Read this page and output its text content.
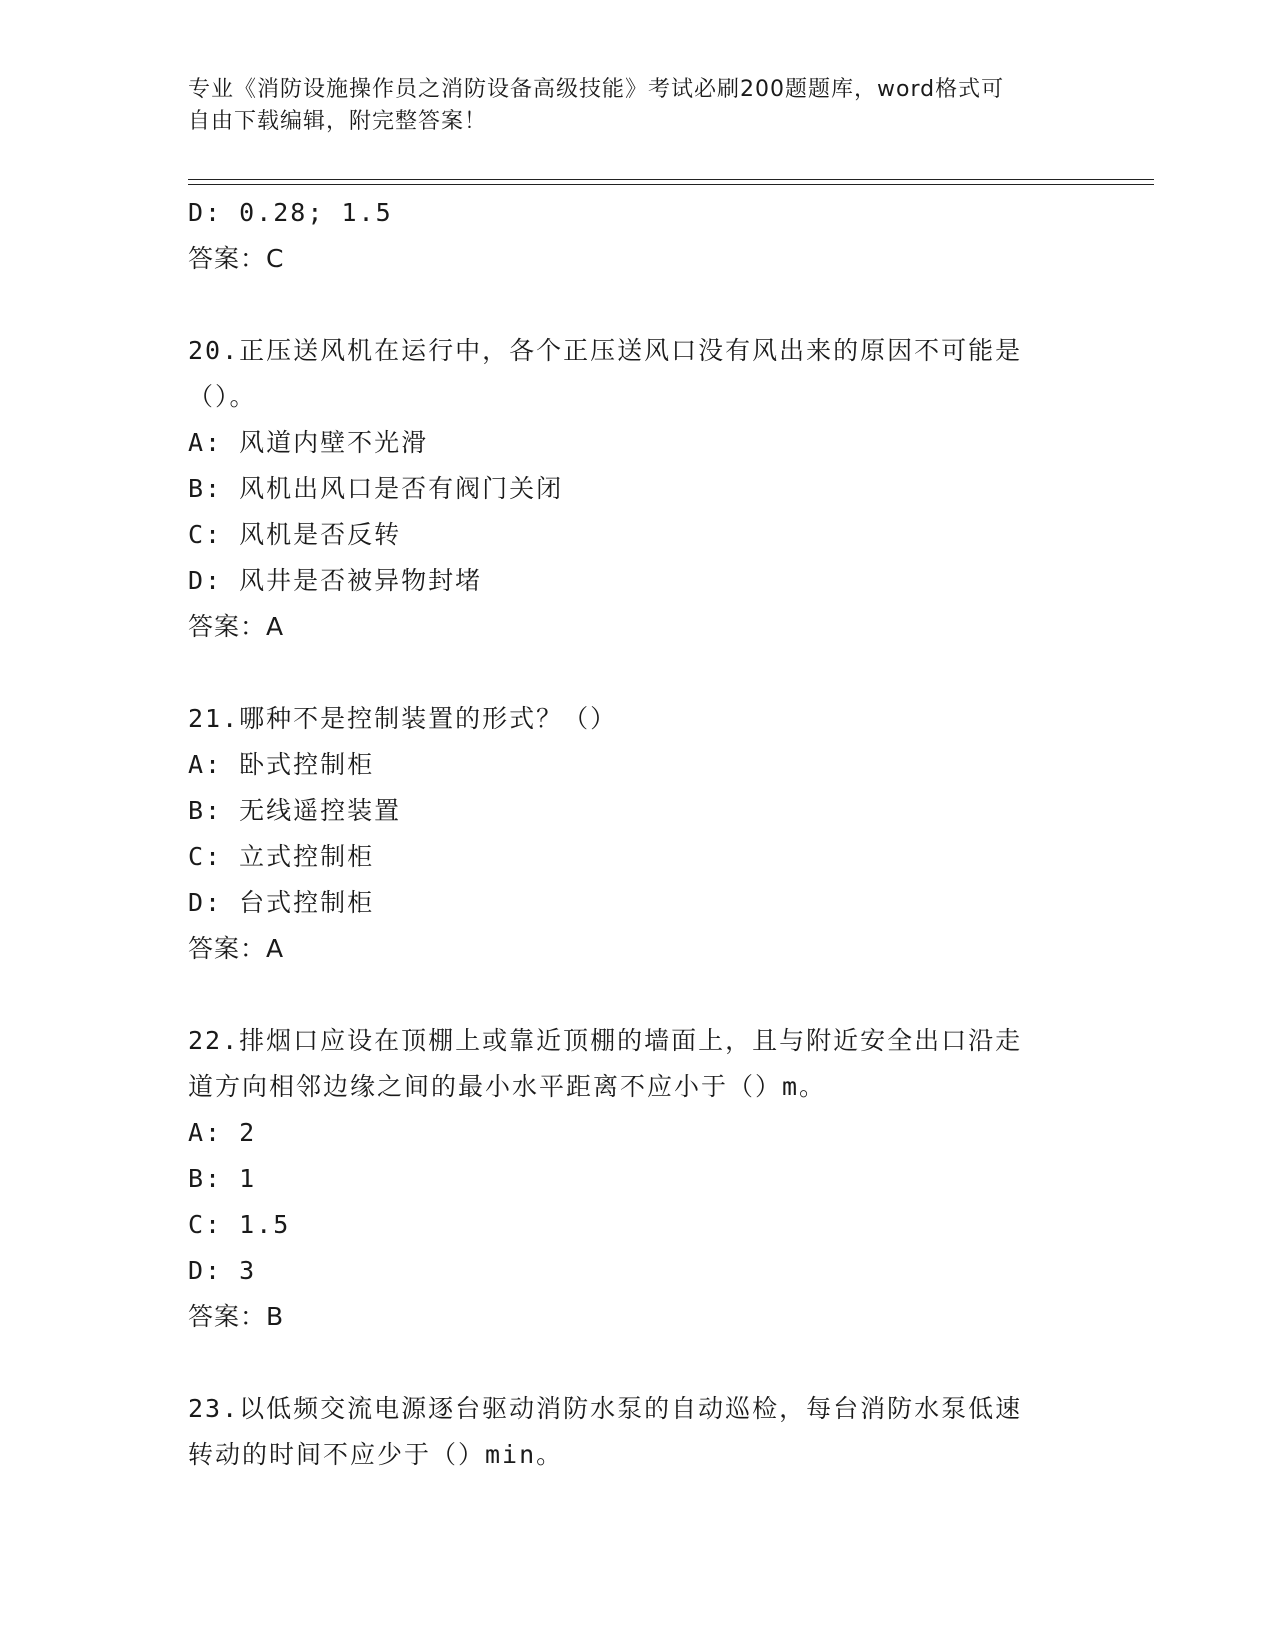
专业《消防设施操作员之消防设备高级技能》考试必刷200题题库，word格式可
自由下载编辑，附完整答案！
D: 0.28; 1.5
答案：C
20.正压送风机在运行中，各个正压送风口没有风出来的原因不可能是
（）。
A: 风道内壁不光滑
B: 风机出风口是否有阀门关闭
C: 风机是否反转
D: 风井是否被异物封堵
答案：A
21.哪种不是控制装置的形式？（）
A: 卧式控制柜
B: 无线遥控装置
C: 立式控制柜
D: 台式控制柜
答案：A
22.排烟口应设在顶棚上或靠近顶棚的墙面上，且与附近安全出口沿走
道方向相邻边缘之间的最小水平距离不应小于（）m。
A: 2
B: 1
C: 1.5
D: 3
答案：B
23.以低频交流电源逐台驱动消防水泵的自动巡检，每台消防水泵低速
转动的时间不应少于（）min。
